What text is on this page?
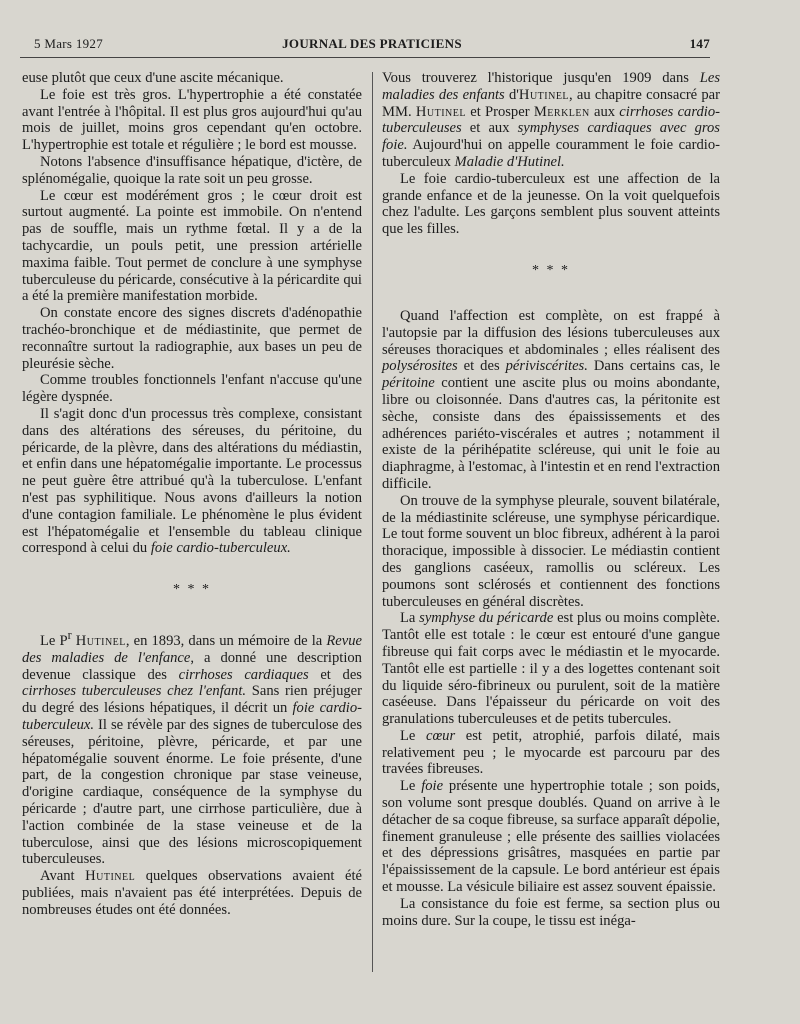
5 Mars 1927	JOURNAL DES PRATICIENS	147

euse plutôt que ceux d'une ascite mécanique.

Le foie est très gros. L'hypertrophie a été constatée avant l'entrée à l'hôpital. Il est plus gros aujourd'hui qu'au mois de juillet, moins gros cependant qu'en octobre. L'hypertrophie est totale et régulière ; le bord est mousse.

Notons l'absence d'insuffisance hépatique, d'ictère, de splénomégalie, quoique la rate soit un peu grosse.

Le cœur est modérément gros ; le cœur droit est surtout augmenté. La pointe est immobile. On n'entend pas de souffle, mais un rythme fœtal. Il y a de la tachycardie, un pouls petit, une pression artérielle maxima faible. Tout permet de conclure à une symphyse tuberculeuse du péricarde, consécutive à la péricardite qui a été la première manifestation morbide.

On constate encore des signes discrets d'adénopathie trachéo-bronchique et de médiastinite, que permet de reconnaître surtout la radiographie, aux bases un peu de pleurésie sèche.

Comme troubles fonctionnels l'enfant n'accuse qu'une légère dyspnée.

Il s'agit donc d'un processus très complexe, consistant dans des altérations des séreuses, du péritoine, du péricarde, de la plèvre, dans des altérations du médiastin, et enfin dans une hépatomégalie importante. Le processus ne peut guère être attribué qu'à la tuberculose. L'enfant n'est pas syphilitique. Nous avons d'ailleurs la notion d'une contagion familiale. Le phénomène le plus évident est l'hépatomégalie et l'ensemble du tableau clinique correspond à celui du foie cardio-tuberculeux.

* * *

Le $P^r$ Hutinel, en 1893, dans un mémoire de la Revue des maladies de l'enfance, a donné une description devenue classique des cirrhoses cardiaques et des cirrhoses tuberculeuses chez l'enfant. Sans rien préjuger du degré des lésions hépatiques, il décrit un foie cardio-tuberculeux. Il se révèle par des signes de tuberculose des séreuses, péritoine, plèvre, péricarde, et par une hépatomégalie souvent énorme. Le foie présente, d'une part, de la congestion chronique par stase veineuse, d'origine cardiaque, conséquence de la symphyse du péricarde ; d'autre part, une cirrhose particulière, due à l'action combinée de la stase veineuse et de la tuberculose, ainsi que des lésions microscopiquement tuberculeuses.

Avant Hutinel quelques observations avaient été publiées, mais n'avaient pas été interprétées. Depuis de nombreuses études ont été données.

Vous trouverez l'historique jusqu'en 1909 dans Les maladies des enfants d'Hutinel, au chapitre consacré par MM. Hutinel et Prosper Merklen aux cirrhoses cardio-tuberculeuses et aux symphyses cardiaques avec gros foie. Aujourd'hui on appelle couramment le foie cardio-tuberculeux Maladie d'Hutinel.

Le foie cardio-tuberculeux est une affection de la grande enfance et de la jeunesse. On la voit quelquefois chez l'adulte. Les garçons semblent plus souvent atteints que les filles.

* * *

Quand l'affection est complète, on est frappé à l'autopsie par la diffusion des lésions tuberculeuses aux séreuses thoraciques et abdominales ; elles réalisent des polysérosites et des périviscérites. Dans certains cas, le péritoine contient une ascite plus ou moins abondante, libre ou cloisonnée. Dans d'autres cas, la péritonite est sèche, consiste dans des épaississements et des adhérences pariéto-viscérales et autres ; notamment il existe de la périhépatite scléreuse, qui unit le foie au diaphragme, à l'estomac, à l'intestin et en rend l'extraction difficile.

On trouve de la symphyse pleurale, souvent bilatérale, de la médiastinite scléreuse, une symphyse péricardique. Le tout forme souvent un bloc fibreux, adhérent à la paroi thoracique, impossible à dissocier. Le médiastin contient des ganglions caséeux, ramollis ou scléreux. Les poumons sont sclérosés et contiennent des fonctions tuberculeuses en général discrètes.

La symphyse du péricarde est plus ou moins complète. Tantôt elle est totale : le cœur est entouré d'une gangue fibreuse qui fait corps avec le médiastin et le myocarde. Tantôt elle est partielle : il y a des logettes contenant soit du liquide séro-fibrineux ou purulent, soit de la matière caséeuse. Dans l'épaisseur du péricarde on voit des granulations tuberculeuses et de petits tubercules.

Le cœur est petit, atrophié, parfois dilaté, mais relativement peu ; le myocarde est parcouru par des travées fibreuses.

Le foie présente une hypertrophie totale ; son poids, son volume sont presque doublés. Quand on arrive à le détacher de sa coque fibreuse, sa surface apparaît dépolie, finement granuleuse ; elle présente des saillies violacées et des dépressions grisâtres, masquées en partie par l'épaississement de la capsule. Le bord antérieur est épais et mousse. La vésicule biliaire est assez souvent épaissie.

La consistance du foie est ferme, sa section plus ou moins dure. Sur la coupe, le tissu est inéga-
